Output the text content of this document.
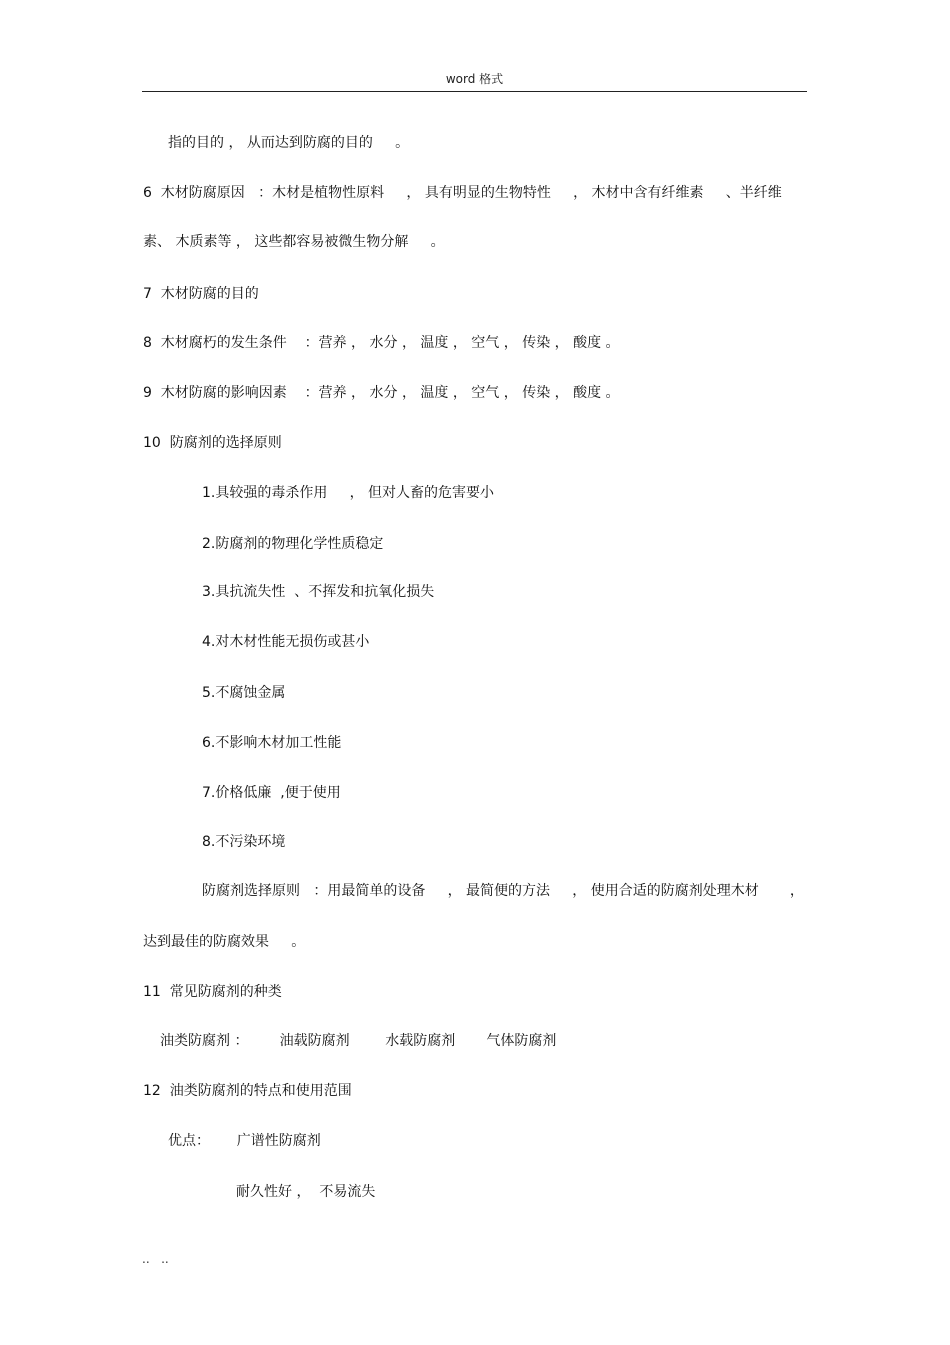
word 格式
指的目的 ， 从而达到防腐的目的     。
6  木材防腐原因   ：木材是植物性原料     ， 具有明显的生物特性     ， 木材中含有纤维素     、半纤维
素、 木质素等 ， 这些都容易被微生物分解     。
7  木材防腐的目的
8  木材腐朽的发生条件    ：营养 ， 水分 ， 温度 ， 空气 ， 传染 ， 酸度 。
9  木材防腐的影响因素    ：营养 ， 水分 ， 温度 ， 空气 ， 传染 ， 酸度 。
10  防腐剂的选择原则
1.具较强的毒杀作用     ， 但对人畜的危害要小
2.防腐剂的物理化学性质稳定
3.具抗流失性  、不挥发和抗氧化损失
4.对木材性能无损伤或甚小
5.不腐蚀金属
6.不影响木材加工性能
7.价格低廉  ,便于使用
8.不污染环境
防腐剂选择原则   ：用最简单的设备     ， 最简便的方法     ， 使用合适的防腐剂处理木材       ，
达到最佳的防腐效果     。
11  常见防腐剂的种类
油类防腐剂 ：       油载防腐剂        水载防腐剂       气体防腐剂
12  油类防腐剂的特点和使用范围
优点：      广谱性防腐剂
耐久性好 ，  不易流失
..   ..
